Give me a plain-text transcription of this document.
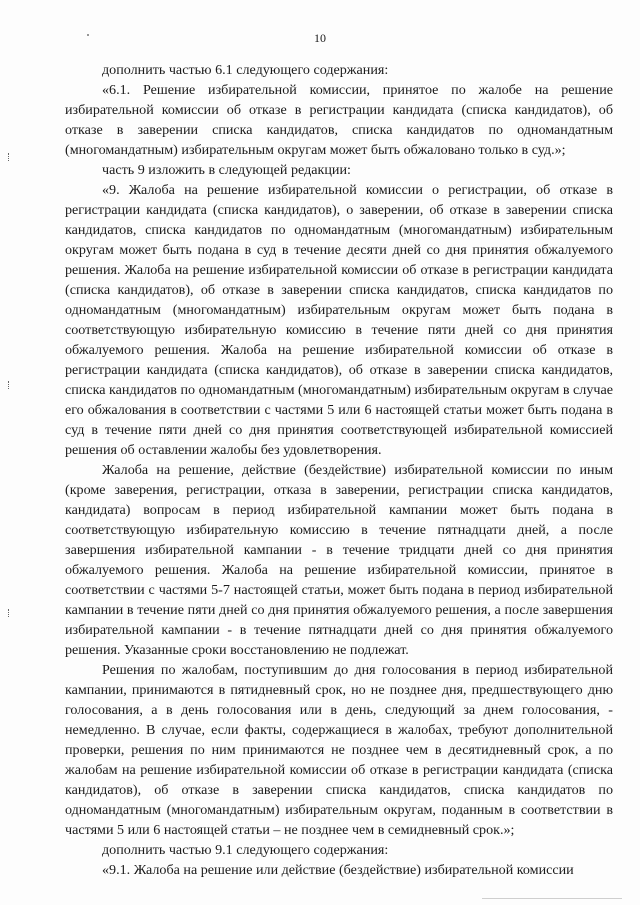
10

дополнить частью 6.1 следующего содержания:

«6.1. Решение избирательной комиссии, принятое по жалобе на решение избирательной комиссии об отказе в регистрации кандидата (списка кандидатов), об отказе в заверении списка кандидатов, списка кандидатов по одномандатным (многомандатным) избирательным округам может быть обжаловано только в суд.»;

часть 9 изложить в следующей редакции:

«9. Жалоба на решение избирательной комиссии о регистрации, об отказе в регистрации кандидата (списка кандидатов), о заверении, об отказе в заверении списка кандидатов, списка кандидатов по одномандатным (многомандатным) избирательным округам может быть подана в суд в течение десяти дней со дня принятия обжалуемого решения. Жалоба на решение избирательной комиссии об отказе в регистрации кандидата (списка кандидатов), об отказе в заверении списка кандидатов, списка кандидатов по одномандатным (многомандатным) избирательным округам может быть подана в соответствующую избирательную комиссию в течение пяти дней со дня принятия обжалуемого решения. Жалоба на решение избирательной комиссии об отказе в регистрации кандидата (списка кандидатов), об отказе в заверении списка кандидатов, списка кандидатов по одномандатным (многомандатным) избирательным округам в случае его обжалования в соответствии с частями 5 или 6 настоящей статьи может быть подана в суд в течение пяти дней со дня принятия соответствующей избирательной комиссией решения об оставлении жалобы без удовлетворения.

Жалоба на решение, действие (бездействие) избирательной комиссии по иным (кроме заверения, регистрации, отказа в заверении, регистрации списка кандидатов, кандидата) вопросам в период избирательной кампании может быть подана в соответствующую избирательную комиссию в течение пятнадцати дней, а после завершения избирательной кампании - в течение тридцати дней со дня принятия обжалуемого решения. Жалоба на решение избирательной комиссии, принятое в соответствии с частями 5-7 настоящей статьи, может быть подана в период избирательной кампании в течение пяти дней со дня принятия обжалуемого решения, а после завершения избирательной кампании - в течение пятнадцати дней со дня принятия обжалуемого решения. Указанные сроки восстановлению не подлежат.

Решения по жалобам, поступившим до дня голосования в период избирательной кампании, принимаются в пятидневный срок, но не позднее дня, предшествующего дню голосования, а в день голосования или в день, следующий за днем голосования, - немедленно. В случае, если факты, содержащиеся в жалобах, требуют дополнительной проверки, решения по ним принимаются не позднее чем в десятидневный срок, а по жалобам на решение избирательной комиссии об отказе в регистрации кандидата (списка кандидатов), об отказе в заверении списка кандидатов, списка кандидатов по одномандатным (многомандатным) избирательным округам, поданным в соответствии в частями 5 или 6 настоящей статьи – не позднее чем в семидневный срок.»;

дополнить частью 9.1 следующего содержания:

«9.1. Жалоба на решение или действие (бездействие) избирательной комиссии
